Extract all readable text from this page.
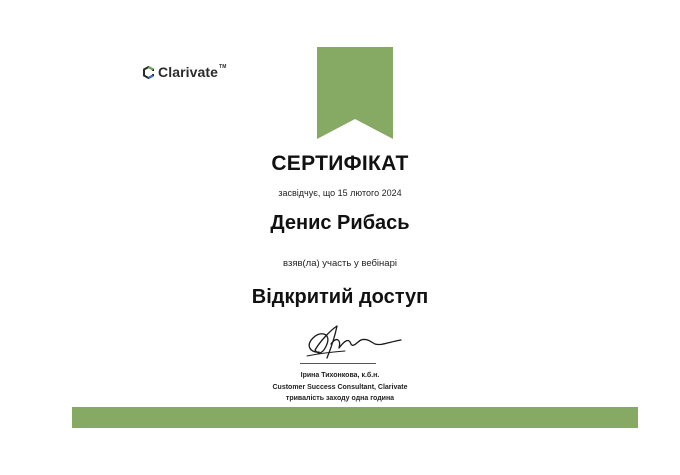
Clarivate™
СЕРТИФІКАТ
засвідчує, що 15 лютого 2024
Денис Рибась
взяв(ла) участь у вебінарі
Відкритий доступ
Ірина Тихонкова, к.б.н.
Customer Success Consultant, Clarivate
тривалість заходу одна година
